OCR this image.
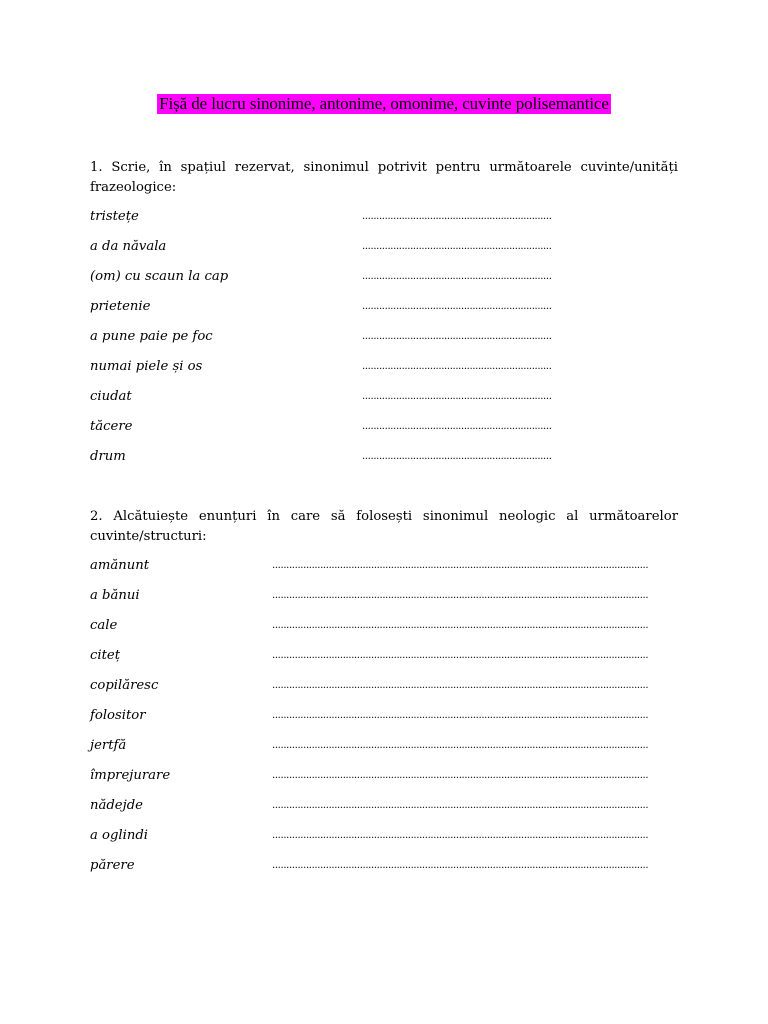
Fișă de lucru sinonime, antonime, omonime, cuvinte polisemantice
1. Scrie, în spațiul rezervat, sinonimul potrivit pentru următoarele cuvinte/unități
frazeologice:
tristețe	...................................................................
a da năvala	...................................................................
(om) cu scaun la cap	...................................................................
prietenie	...................................................................
a pune paie pe foc	...................................................................
numai piele și os	...................................................................
ciudat	...................................................................
tăcere	...................................................................
drum	...................................................................
2. Alcătuiește enunțuri în care să folosești sinonimul neologic al următoarelor
cuvinte/structuri:
amănunt	.....................................................................................................................................
a bănui	.....................................................................................................................................
cale	.....................................................................................................................................
citeț	.....................................................................................................................................
copilăresc	.....................................................................................................................................
folositor	.....................................................................................................................................
jertfă	.....................................................................................................................................
împrejurare	.....................................................................................................................................
nădejde	.....................................................................................................................................
a oglindi	.....................................................................................................................................
părere	.....................................................................................................................................
